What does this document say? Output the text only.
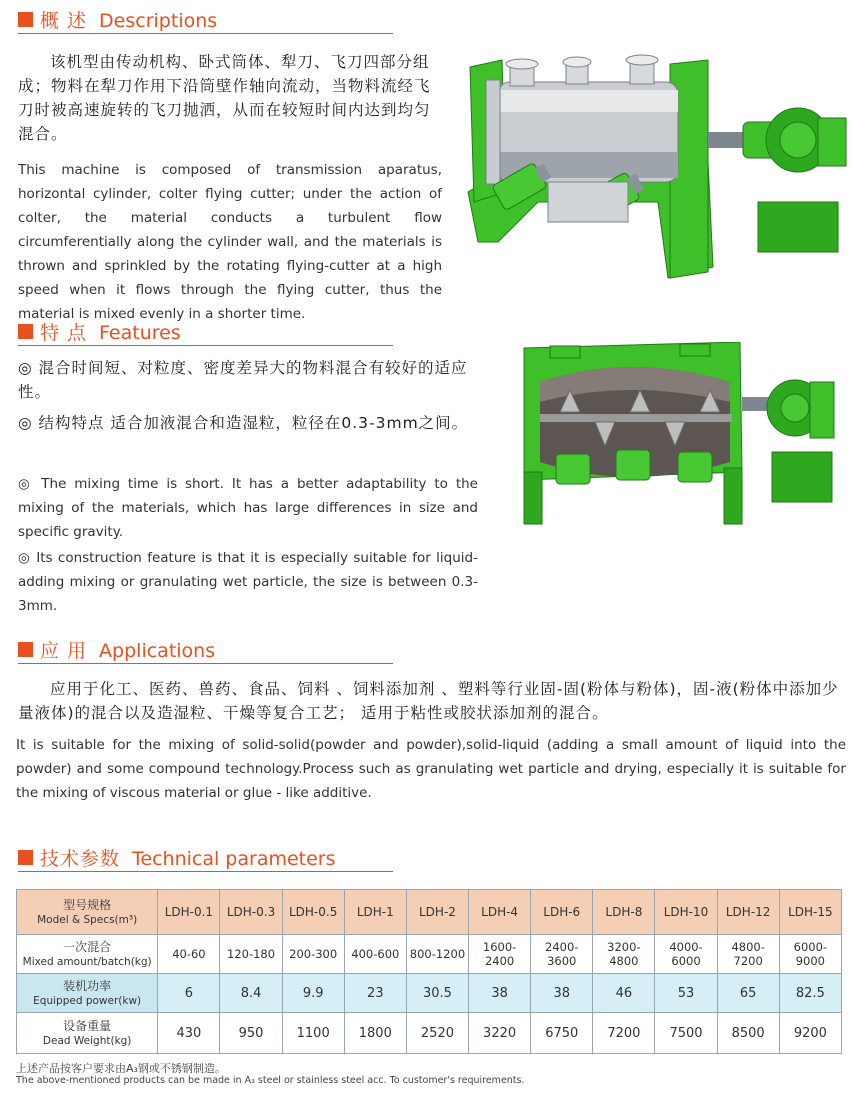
概 述 Descriptions
该机型由传动机构、卧式筒体、犁刀、飞刀四部分组
成；物料在犁刀作用下沿筒壁作轴向流动，当物料流经飞
刀时被高速旋转的飞刀抛洒，从而在较短时间内达到均匀
混合。

This machine is composed of transmission aparatus, horizontal cylinder, colter flying cutter; under the action of colter, the material conducts a turbulent flow circumferentially along the cylinder wall, and the materials is thrown and sprinkled by the rotating flying-cutter at a high speed when it flows through the flying cutter, thus the material is mixed evenly in a shorter time.

特 点 Features

◎ 混合时间短、对粒度、密度差异大的物料混合有较好的适应性。

◎ 结构特点 适合加液混合和造湿粒，粒径在0.3-3mm之间。

◎ The mixing time is short. It has a better adaptability to the mixing of the materials, which has large differences in size and specific gravity.

◎ Its construction feature is that it is especially suitable for liquid-adding mixing or granulating wet particle, the size is between 0.3-3mm.

应 用 Applications

应用于化工、医药、兽药、食品、饲料 、饲料添加剂 、塑料等行业固-固(粉体与粉体)，固-液(粉体中添加少量液体)的混合以及造湿粒、干燥等复合工艺； 适用于粘性或胶状添加剂的混合。

It is suitable for the mixing of solid-solid(powder and powder),solid-liquid (adding a small amount of liquid into the powder) and some compound technology.Process such as granulating wet particle and drying, especially it is suitable for the mixing of viscous material or glue - like additive.

技术参数 Technical parameters
型号规格
Model & Specs(m³)	LDH-0.1	LDH-0.3	LDH-0.5	LDH-1	LDH-2	LDH-4	LDH-6	LDH-8	LDH-10	LDH-12	LDH-15

一次混合
Mixed amount/batch(kg)	40-60	120-180	200-300	400-600	800-1200	1600-2400	2400-3600	3200-4800	4000-6000	4800-7200	6000-9000

装机功率
Equipped power(kw)	6	8.4	9.9	23	30.5	38	38	46	53	65	82.5

设备重量
Dead Weight(kg)	430	950	1100	1800	2520	3220	6750	7200	7500	8500	9200
上述产品按客户要求由A₃钢或不锈钢制造。
The above-mentioned products can be made in A₃ steel or stainless steel acc. To customer's requirements.
